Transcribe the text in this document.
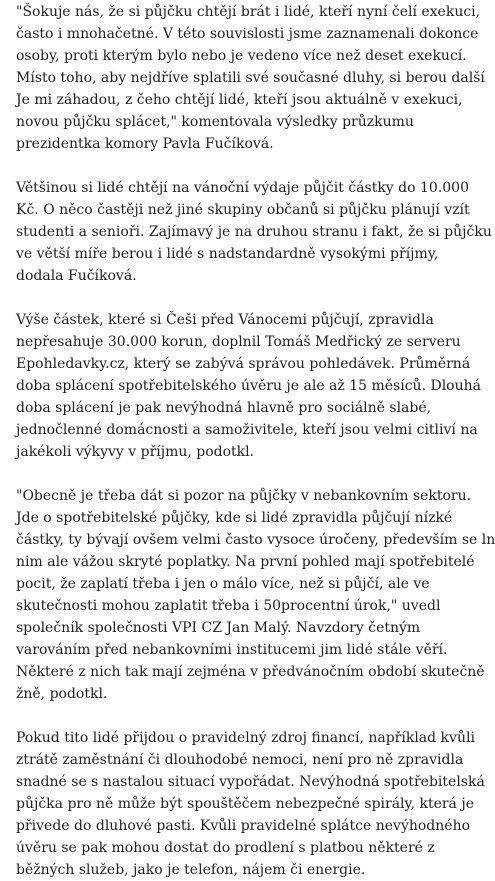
"Šokuje nás, že si půjčku chtějí brát i lidé, kteří nyní čelí exekuci,
často i mnohačetné. V této souvislosti jsme zaznamenali dokonce
osoby, proti kterým bylo nebo je vedeno více než deset exekucí.
Místo toho, aby nejdříve splatili své současné dluhy, si berou další
Je mi záhadou, z čeho chtějí lidé, kteří jsou aktuálně v exekuci,
novou půjčku splácet," komentovala výsledky průzkumu
prezidentka komory Pavla Fučíková.

Většinou si lidé chtějí na vánoční výdaje půjčit částky do 10.000
Kč. O něco častěji než jiné skupiny občanů si půjčku plánují vzít
studenti a senioři. Zajímavý je na druhou stranu i fakt, že si půjčku
ve větší míře berou i lidé s nadstandardně vysokými příjmy,
dodala Fučíková.

Výše částek, které si Češi před Vánocemi půjčují, zpravidla
nepřesahuje 30.000 korun, doplnil Tomáš Medřický ze serveru
Epohledavky.cz, který se zabývá správou pohledávek. Průměrná
doba splácení spotřebitelského úvěru je ale až 15 měsíců. Dlouhá
doba splácení je pak nevýhodná hlavně pro sociálně slabé,
jednočlenné domácnosti a samoživitele, kteří jsou velmi citliví na
jakékoli výkyvy v příjmu, podotkl.

"Obecně je třeba dát si pozor na půjčky v nebankovním sektoru.
Jde o spotřebitelské půjčky, kde si lidé zpravidla půjčují nízké
částky, ty bývají ovšem velmi často vysoce úročeny, především se ln
nim ale vážou skryté poplatky. Na první pohled mají spotřebitelé
pocit, že zaplatí třeba i jen o málo více, než si půjčí, ale ve
skutečnosti mohou zaplatit třeba i 50procentní úrok," uvedl
společník společnosti VPI CZ Jan Malý. Navzdory četným
varováním před nebankovními institucemi jim lidé stále věří.
Některé z nich tak mají zejména v předvánočním období skutečně
žně, podotkl.

Pokud tito lidé přijdou o pravidelný zdroj financí, například kvůli
ztrátě zaměstnání či dlouhodobé nemoci, není pro ně zpravidla
snadné se s nastalou situací vypořádat. Nevýhodná spotřebitelská
půjčka pro ně může být spouštěčem nebezpečné spirály, která je
přivede do dluhové pasti. Kvůli pravidelné splátce nevýhodného
úvěru se pak mohou dostat do prodlení s platbou některé z
běžných služeb, jako je telefon, nájem či energie.
